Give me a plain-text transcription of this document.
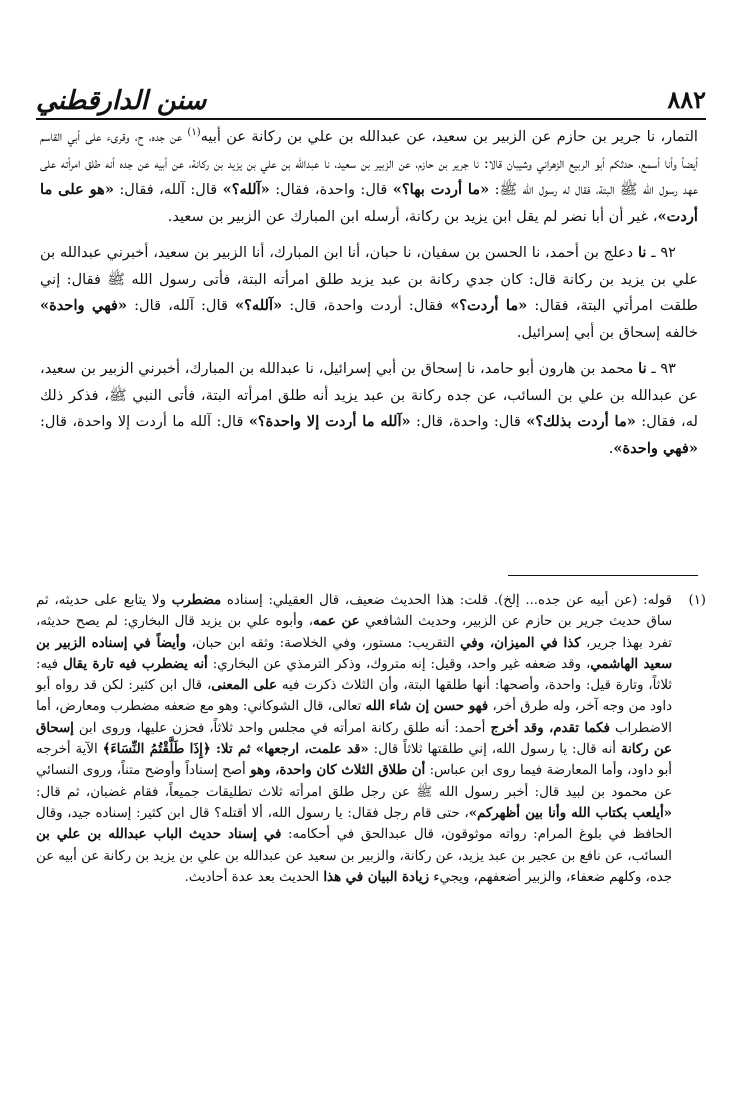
٨٨٢
سنن الدارقطني

التمار، نا جرير بن حازم عن الزبير بن سعيد، عن عبدالله بن علي بن ركانة عن أبيه$^{(١)}$ عن جده، ح، وقرىء على أبي القاسم أيضاً وأنا أسمع، حدثكم أبو الربيع الزهراني وشيبان قالا: نا جرير بن حازم، عن الزبير بن سعيد، نا عبدالله بن علي بن يزيد بن ركانة، عن أبيه عن جده أنه طلق امرأته على عهد رسول الله ﷺ البتة، فقال له رسول الله ﷺ: «ما أردت بها؟» قال: واحدة، فقال: «آلله؟» قال: آلله، فقال: «هو على ما أردت»، غير أن أبا نضر لم يقل ابن يزيد بن ركانة، أرسله ابن المبارك عن الزبير بن سعيد.

٩٢ ـ نا دعلج بن أحمد، نا الحسن بن سفيان، نا حبان، أنا ابن المبارك، أنا الزبير بن سعيد، أخبرني عبدالله بن علي بن يزيد بن ركانة قال: كان جدي ركانة بن عبد يزيد طلق امرأته البتة، فأتى رسول الله ﷺ فقال: إني طلقت امرأتي البتة، فقال: «ما أردت؟» فقال: أردت واحدة، قال: «آلله؟» قال: آلله، قال: «فهي واحدة» خالفه إسحاق بن أبي إسرائيل.

٩٣ ـ نا محمد بن هارون أبو حامد، نا إسحاق بن أبي إسرائيل، نا عبدالله بن المبارك، أخبرني الزبير بن سعيد، عن عبدالله بن علي بن السائب، عن جده ركانة بن عبد يزيد أنه طلق امرأته البتة، فأتى النبي ﷺ، فذكر ذلك له، فقال: «ما أردت بذلك؟» قال: واحدة، قال: «آلله ما أردت إلا واحدة؟» قال: آلله ما أردت إلا واحدة، قال: «فهي واحدة».

(١)
قوله: (عن أبيه عن جده... إلخ). قلت: هذا الحديث ضعيف، قال العقيلي: إسناده مضطرب ولا يتابع على حديثه، ثم ساق حديث جرير بن حازم عن الزبير، وحديث الشافعي عن عمه، وأبوه علي بن يزيد قال البخاري: لم يصح حديثه، تفرد بهذا جرير، كذا في الميزان، وفي التقريب: مستور، وفي الخلاصة: وثقه ابن حبان، وأيضاً في إسناده الزبير بن سعيد الهاشمي، وقد ضعفه غير واحد، وقيل: إنه متروك، وذكر الترمذي عن البخاري: أنه يضطرب فيه تارة يقال فيه: ثلاثاً، وتارة قيل: واحدة، وأصحها: أنها طلقها البتة، وأن الثلاث ذكرت فيه على المعنى، قال ابن كثير: لكن قد رواه أبو داود من وجه آخر، وله طرق أخر، فهو حسن إن شاء الله تعالى، قال الشوكاني: وهو مع ضعفه مضطرب ومعارض، أما الاضطراب فكما تقدم، وقد أخرج أحمد: أنه طلق ركانة امرأته في مجلس واحد ثلاثاً، فحزن عليها، وروى ابن إسحاق عن ركانة أنه قال: يا رسول الله، إني طلقتها ثلاثاً قال: «قد علمت، ارجعها» ثم تلا: ﴿إِذَا طَلَّقْتُمُ النِّسَاءَ﴾ الآية أخرجه أبو داود، وأما المعارضة فيما روى ابن عباس: أن طلاق الثلاث كان واحدة، وهو أصح إسناداً وأوضح متناً، وروى النسائي عن محمود بن لبيد قال: أخبر رسول الله ﷺ عن رجل طلق امرأته ثلاث تطليقات جميعاً، فقام غضبان، ثم قال: «أيلعب بكتاب الله وأنا بين أظهركم»، حتى قام رجل فقال: يا رسول الله، ألا أقتله؟ قال ابن كثير: إسناده جيد، وقال الحافظ في بلوغ المرام: رواته موثوقون، قال عبدالحق في أحكامه: في إسناد حديث الباب عبدالله بن علي بن السائب، عن نافع بن عجير بن عبد يزيد، عن ركانة، والزبير بن سعيد عن عبدالله بن علي بن يزيد بن ركانة عن أبيه عن جده، وكلهم ضعفاء، والزبير أضعفهم، ويجيء زيادة البيان في هذا الحديث بعد عدة أحاديث.
